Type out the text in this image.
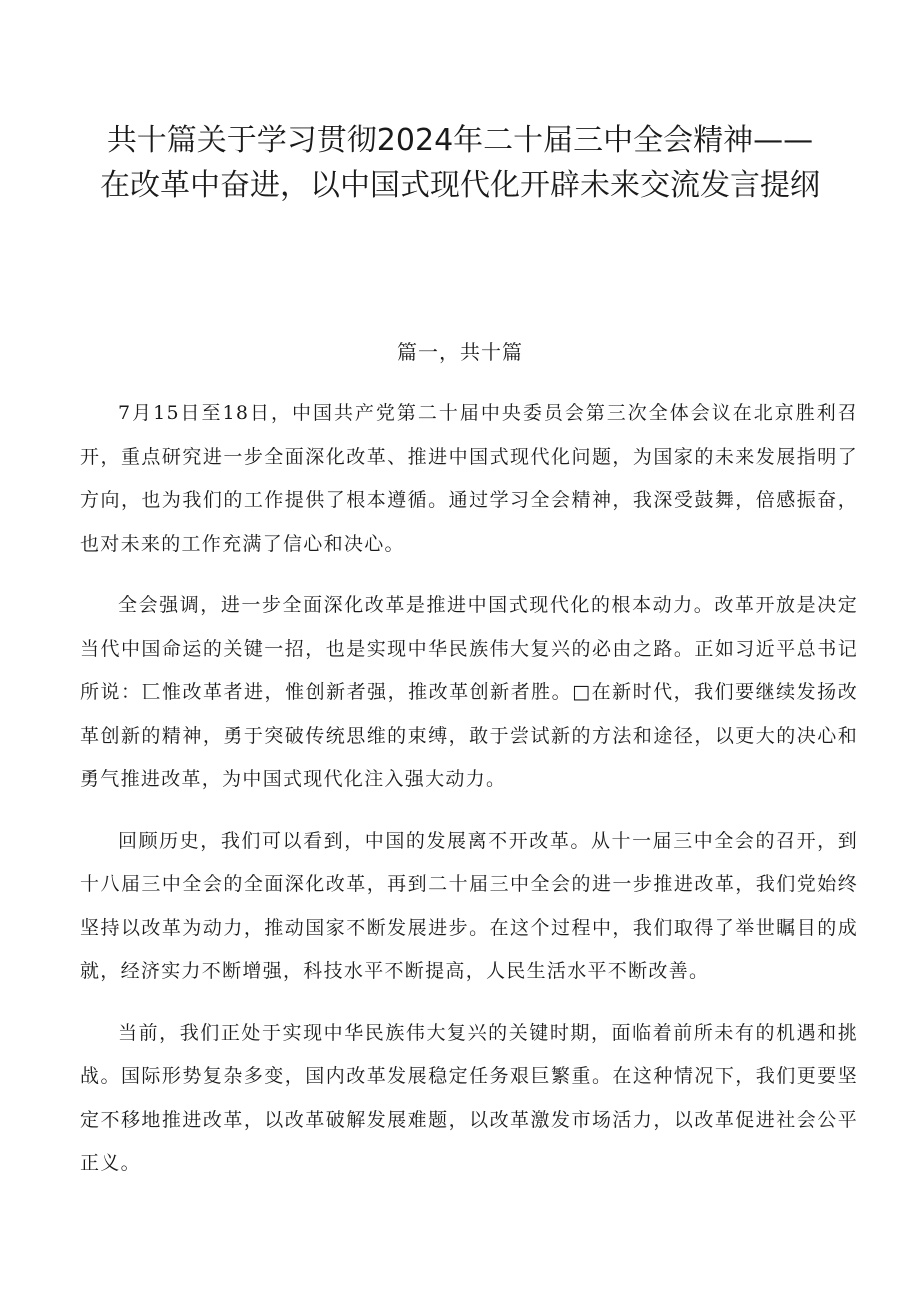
共十篇关于学习贯彻2024年二十届三中全会精神——在改革中奋进，以中国式现代化开辟未来交流发言提纲
篇一，共十篇

7月15日至18日，中国共产党第二十届中央委员会第三次全体会议在北京胜利召开，重点研究进一步全面深化改革、推进中国式现代化问题，为国家的未来发展指明了方向，也为我们的工作提供了根本遵循。通过学习全会精神，我深受鼓舞，倍感振奋，也对未来的工作充满了信心和决心。

全会强调，进一步全面深化改革是推进中国式现代化的根本动力。改革开放是决定当代中国命运的关键一招，也是实现中华民族伟大复兴的必由之路。正如习近平总书记所说：匸惟改革者进，惟创新者强，推改革创新者胜。□在新时代，我们要继续发扬改革创新的精神，勇于突破传统思维的束缚，敢于尝试新的方法和途径，以更大的决心和勇气推进改革，为中国式现代化注入强大动力。

回顾历史，我们可以看到，中国的发展离不开改革。从十一届三中全会的召开，到十八届三中全会的全面深化改革，再到二十届三中全会的进一步推进改革，我们党始终坚持以改革为动力，推动国家不断发展进步。在这个过程中，我们取得了举世瞩目的成就，经济实力不断增强，科技水平不断提高，人民生活水平不断改善。

当前，我们正处于实现中华民族伟大复兴的关键时期，面临着前所未有的机遇和挑战。国际形势复杂多变，国内改革发展稳定任务艰巨繁重。在这种情况下，我们更要坚定不移地推进改革，以改革破解发展难题，以改革激发市场活力，以改革促进社会公平正义。
